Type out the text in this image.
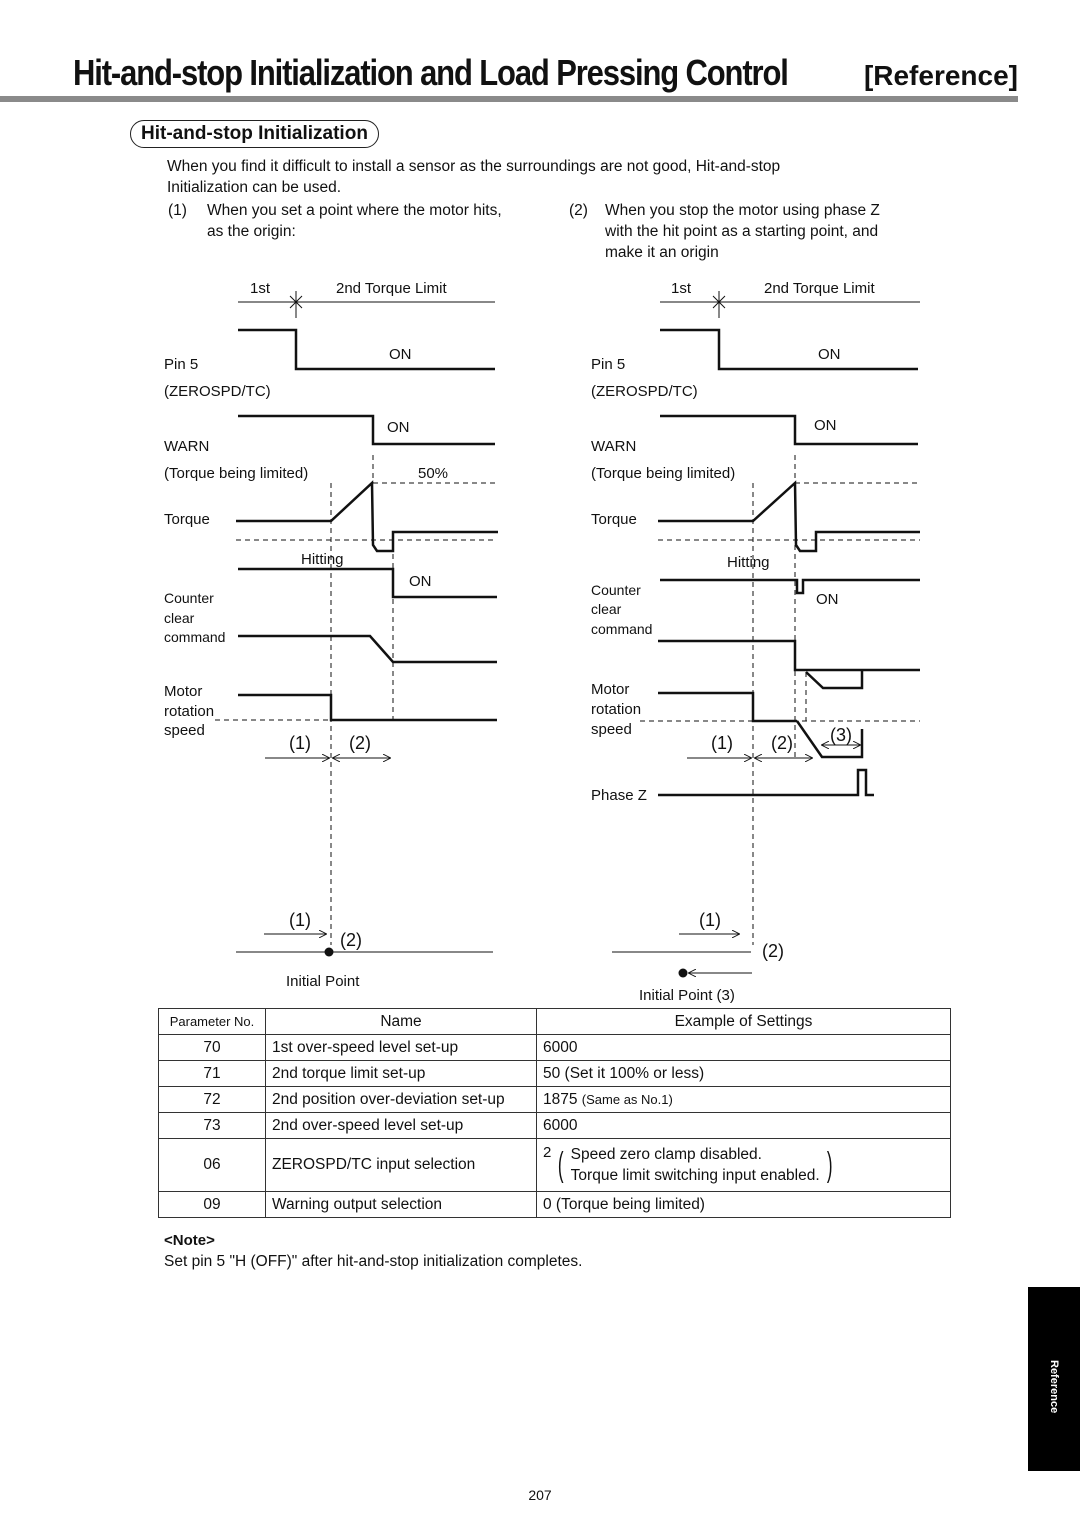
Hit-and-stop Initialization and Load Pressing Control	[Reference]
Hit-and-stop Initialization
When you find it difficult to install a sensor as the surroundings are not good, Hit-and-stop
Initialization can be used.
(1) When you set a point where the motor hits,
as the origin:
(2) When you stop the motor using phase Z
with the hit point as a starting point, and
make it an origin
1st	2nd Torque Limit
Pin 5
(ZEROSPD/TC)
ON
WARN
(Torque being limited)
ON
50%
Torque
Hitting
Counter
clear
command
ON
Motor
rotation
speed
(1) (2)
(1)
(2)
Initial Point
1st	2nd Torque Limit
Pin 5
(ZEROSPD/TC)
ON
WARN
(Torque being limited)
ON
Torque
Hitting
Counter
clear
command
ON
Motor
rotation
speed
(1) (2) (3)
Phase Z
(1)
(2)
Initial Point (3)
Parameter No.	Name	Example of Settings
70	1st over-speed level set-up	6000
71	2nd torque limit set-up	50 (Set it 100% or less)
72	2nd position over-deviation set-up	1875 (Same as No.1)
73	2nd over-speed level set-up	6000
06	ZEROSPD/TC input selection	2 ( Speed zero clamp disabled.
Torque limit switching input enabled. )

09	Warning output selection	0 (Torque being limited)
<Note>
Set pin 5 "H (OFF)" after hit-and-stop initialization completes.
Reference
207
